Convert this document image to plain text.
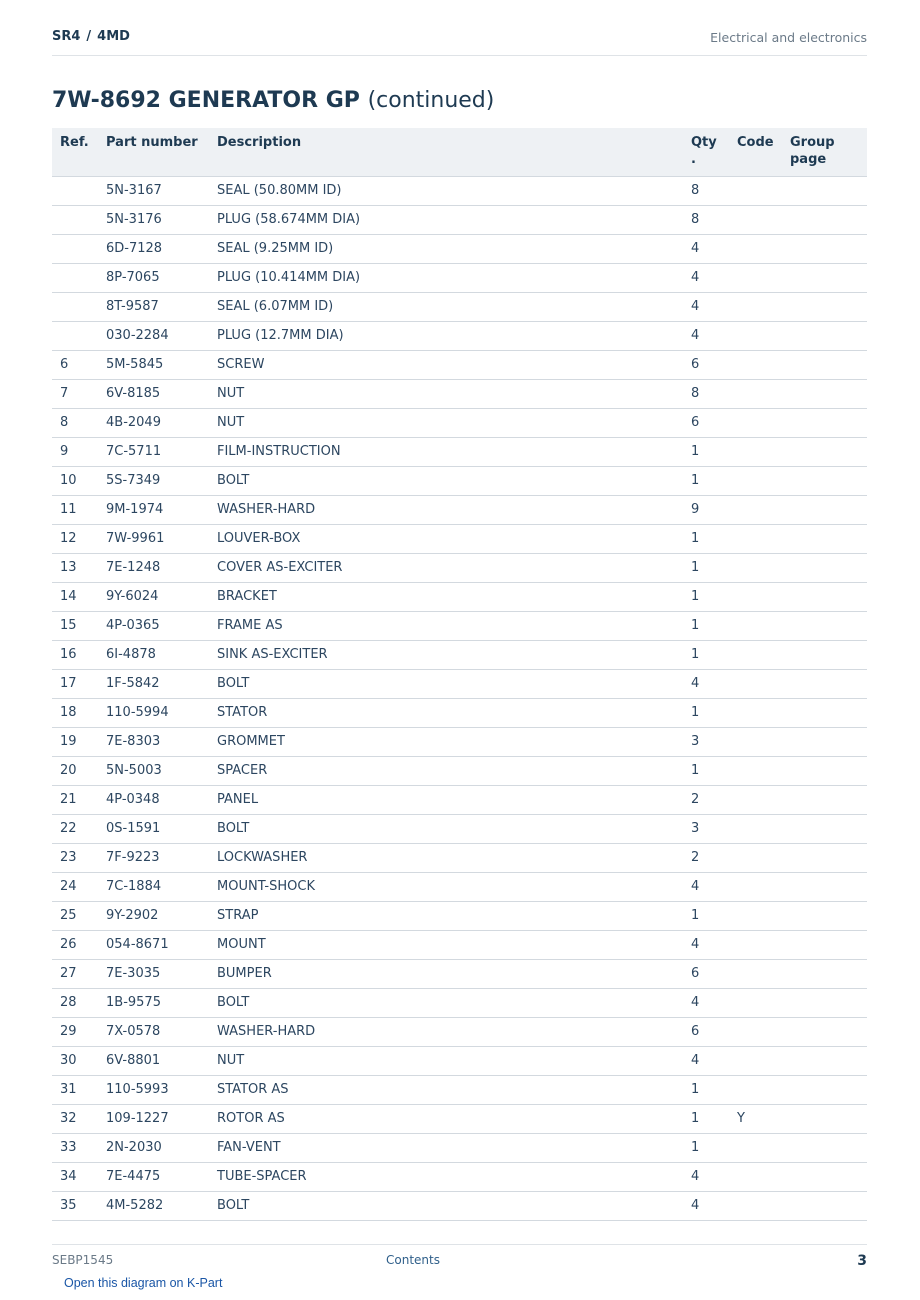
SR4 / 4MD	Electrical and electronics
7W-8692 GENERATOR GP (continued)
Ref.	Part number	Description	Qty .	Code	Group page
	5N-3167	SEAL (50.80MM ID)	8		
	5N-3176	PLUG (58.674MM DIA)	8		
	6D-7128	SEAL (9.25MM ID)	4		
	8P-7065	PLUG (10.414MM DIA)	4		
	8T-9587	SEAL (6.07MM ID)	4		
	030-2284	PLUG (12.7MM DIA)	4		
6	5M-5845	SCREW	6		
7	6V-8185	NUT	8		
8	4B-2049	NUT	6		
9	7C-5711	FILM-INSTRUCTION	1		
10	5S-7349	BOLT	1		
11	9M-1974	WASHER-HARD	9		
12	7W-9961	LOUVER-BOX	1		
13	7E-1248	COVER AS-EXCITER	1		
14	9Y-6024	BRACKET	1		
15	4P-0365	FRAME AS	1		
16	6I-4878	SINK AS-EXCITER	1		
17	1F-5842	BOLT	4		
18	110-5994	STATOR	1		
19	7E-8303	GROMMET	3		
20	5N-5003	SPACER	1		
21	4P-0348	PANEL	2		
22	0S-1591	BOLT	3		
23	7F-9223	LOCKWASHER	2		
24	7C-1884	MOUNT-SHOCK	4		
25	9Y-2902	STRAP	1		
26	054-8671	MOUNT	4		
27	7E-3035	BUMPER	6		
28	1B-9575	BOLT	4		
29	7X-0578	WASHER-HARD	6		
30	6V-8801	NUT	4		
31	110-5993	STATOR AS	1		
32	109-1227	ROTOR AS	1	Y	
33	2N-2030	FAN-VENT	1		
34	7E-4475	TUBE-SPACER	4		
35	4M-5282	BOLT	4		
SEBP1545	Contents	3
Open this diagram on K-Part
